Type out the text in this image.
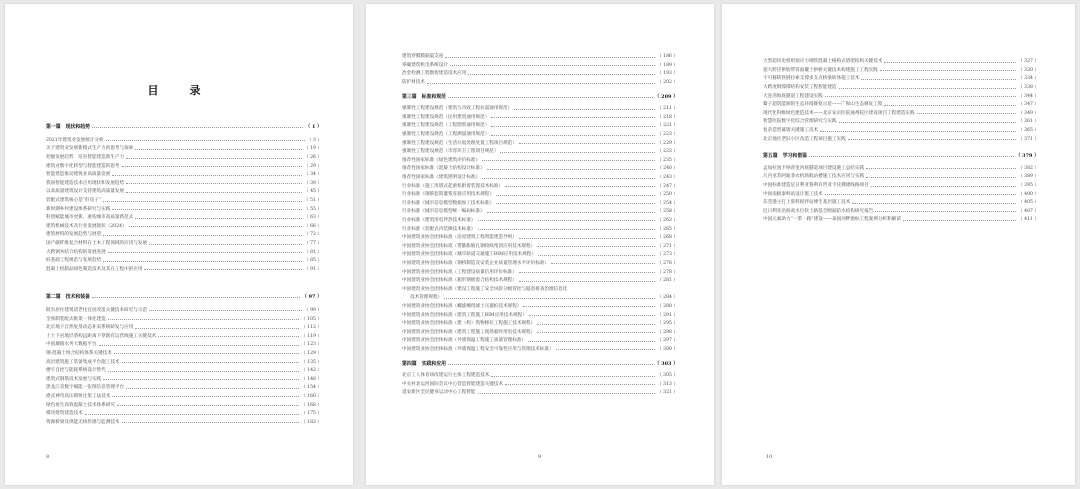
目　录
第一篇　现状和趋势	（ 1 ）
2021年建筑业发展统计分析	（ 3 ）
关于建筑业发展新模式生产力的思考与探索	（ 19 ）
把握发展趋势　培育智能建造新生产力	（ 26 ）
建筑业数字化转型与智能建造的思考	（ 29 ）
智能建造推动建筑业高质量发展	（ 34 ）
我国智能建造技术应用现状和发展趋势	（ 39 ）
以高质量建筑设计支持建筑高质量发展	（ 45 ）
装配式建筑核心是“好房子”	（ 51 ）
新时期乡村建设体系研究与实践	（ 55 ）
科创赋能城市更新、重构城市高质量新范式	（ 63 ）
建筑机械技术及行业发展现状（2024）	（ 66 ）
建筑材料的发展趋势与展望	（ 72 ）
国产碳纤维复合材料在土木工程领域的应用与发展	（ 77 ）
大跨钢木结合结构的发展进展	（ 81 ）
桩基础工程规范与发展趋势	（ 85 ）
混凝土机制品绿色制造技术及其在工程中的应用	（ 91 ）
第二篇　技术和装备	（ 97 ）
既有居住建筑适老化宜居改造关键技术研究与示范	（ 99 ）
全预制装配式框架一体化建造	（ 105 ）
北京地下自然复垦动态补采系统研发与应用	（ 112 ）
土土下岩地层盾构远距离下穿既有运营线施工关键技术	（ 119 ）
中国城镇水务大数据平台	（ 123 ）
钢-混凝土组合结构体系关键技术	（ 129 ）
高层建筑施工装备集成平台施工技术	（ 135 ）
楼宇自控与能耗系统设计替代	（ 142 ）
建筑式钢筋技术发展与实践	（ 148 ）
黑龙江省数字赋能一张图信息管理平台	（ 154 ）
港式神奇高压喷射注浆工法技术	（ 160 ）
绿色再生高效混凝土技术体系研究	（ 168 ）
模块建筑建造技术	（ 175 ）
资源桥梁及供能无线传感与监测技术	（ 182 ）
8
建筑穿膜膜隔震支座	（ 186 ）
零碳建筑机电系统设计	（ 189 ）
冶金检测工程数智建造技术应用	（ 193 ）
防护材技术	（ 202 ）
第三篇　标准和规范	（ 209 ）
强制性工程建设规范（建筑与市政工程抗震通用规范）	（ 211 ）
强制性工程建设规范（民用建筑通用规范）	（ 218 ）
强制性工程建设规范（工程勘察通用规范）	（ 221 ）
强制性工程建设规范（工程测量通用规范）	（ 223 ）
强制性工程建设规范（生活垃圾处理处置工程项目规范）	（ 229 ）
强制性工程建设规范（市容环卫工程项目规范）	（ 233 ）
推荐性国家标准《绿色建筑评价标准》	（ 235 ）
推荐性国家标准《混凝土结构设计标准》	（ 240 ）
推荐性国家标准《建筑照明设计标准》	（ 243 ）
行业标准（施工用塔式起重机附着装置技术标准）	（ 247 ）
行业标准《钢筋套筒灌浆连接应用技术规程》	（ 250 ）
行业标准《城市信息模型数据加工技术标准》	（ 254 ）
行业标准《城市信息模型统一编码标准》	（ 258 ）
行业标准《建筑用电伴热技术标准》	（ 263 ）
行业标准《装配式内装修技术标准》	（ 265 ）
中国建筑业协会团体标准（房屋建筑工程智能建造导则）	（ 268 ）
中国建筑业协会团体标准（带膨胀缩孔钢绞线集团应用技术规程）	（ 271 ）
中国建筑业协会团体标准（城市轨道交通施工BIM应用技术规程）	（ 273 ）
中国建筑业协会团体标准（钢桥制造及安装企业质量管理水平评价标准）	（ 276 ）
中国建筑业协会团体标准（工程建设质量信用评价标准）	（ 278 ）
中国建筑业协会团体标准（箱形钢板混合结构技术规程）	（ 281 ）
中国建筑业协会团体标准（建设工程施工安全风险分级管控与隐患排查治理信息化
技术管理规程）	（ 284 ）
中国建筑业协会团体标准（螺旋缠绕球土压灌桩技术规程）	（ 288 ）
中国建筑业协会团体标准（建筑工程施工BIM应用技术规程）	（ 291 ）
中国建筑业协会团体标准（建（构）筑物移位工程施工技术规程）	（ 295 ）
中国建筑业协会团体标准（建筑工程施工现场临时用电技术规程）	（ 298 ）
中国建筑业协会团体标准（外墙保温工程施工质量管理标准）	（ 297 ）
中国建筑业协会团体标准（外墙保温工程安全可靠性应用与管理技术标准）	（ 300 ）
第四篇　实践和应用	（ 303 ）
北京工人体育场改建运行主体工程建造技术	（ 305 ）
中关村北运河国际会议中心营造智能建造关键技术	（ 313 ）
延安新区全民健身运动中心工程智能	（ 321 ）
9
大型超风电机组预应力钢管混凝土格构式塔架结构关键技术	（ 327 ）
超大跨径拱肋带背面覆土拱桥关键技术构建施工工程实践	（ 330 ）
不可移转铁链拉索支撑多支点桥梁转体施工技术	（ 334 ）
大跨度钢撑撑结构安装工程智能建造	（ 338 ）
大连湾海底隧道工程建设实践	（ 344 ）
蜀子超筑能铜的生态环境修复示范——广和山生态修复工程	（ 347 ）
现代化科级绿色建造技术——北京安贞医院通州院区建设项目工程建造实践	（ 349 ）
智慧医院数字化综合管理研究与实践	（ 361 ）
复杂造型幕墙关键施工技术	（ 365 ）
北京地区老旧小区改造工程项目施工实践	（ 371 ）
第五篇　学习和借鉴	（ 379 ）
孟加拉国卡纳普里河底隧道项目建设施工总结实践	（ 382 ）
几内亚苏阿迪菲衣机场航站楼施工技术应用与实践	（ 389 ）
中国标准建造尼日利亚鲁利有哲亚卡托佛捷线路项目	（ 395 ）
中国南极秦岭站设计施工技术	（ 400 ）
东莞港主打上胶料搅拌站博生基层施工技术	（ 405 ）
尼日利亚沿海高水位软土路基全断面防水结构研究报告	（ 407 ）
中国元素助力“一带一路”建设——泰国河畔源标工程案例分析和解读	（ 411 ）
10
